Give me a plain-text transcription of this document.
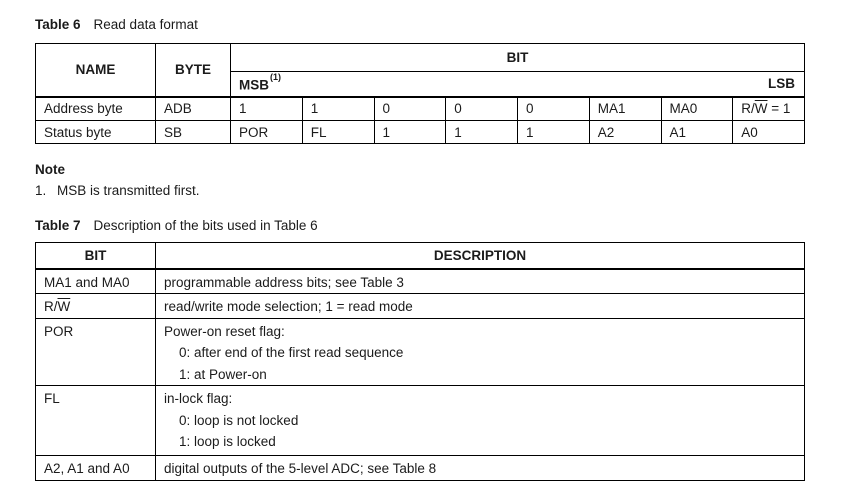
Table 6 Read data format
NAME	BYTE	BIT							

		MSB$^{(1)}$ LSB							

Address byte	ADB	1	1	0	0	0	MA1	MA0	$R/\overline{W} = 1$
Status byte	SB	POR	FL	1	1	1	A2	A1	A0
Note
1. MSB is transmitted first.
Table 7 Description of the bits used in Table 6
BIT	DESCRIPTION
MA1 and MA0	programmable address bits; see Table 3

$R/\overline{W}$	read/write mode selection; 1 = read mode

POR	Power-on reset flag:
0: after end of the first read sequence
1: at Power-on

FL	in-lock flag:
0: loop is not locked
1: loop is locked

A2, A1 and A0	digital outputs of the 5-level ADC; see Table 8
